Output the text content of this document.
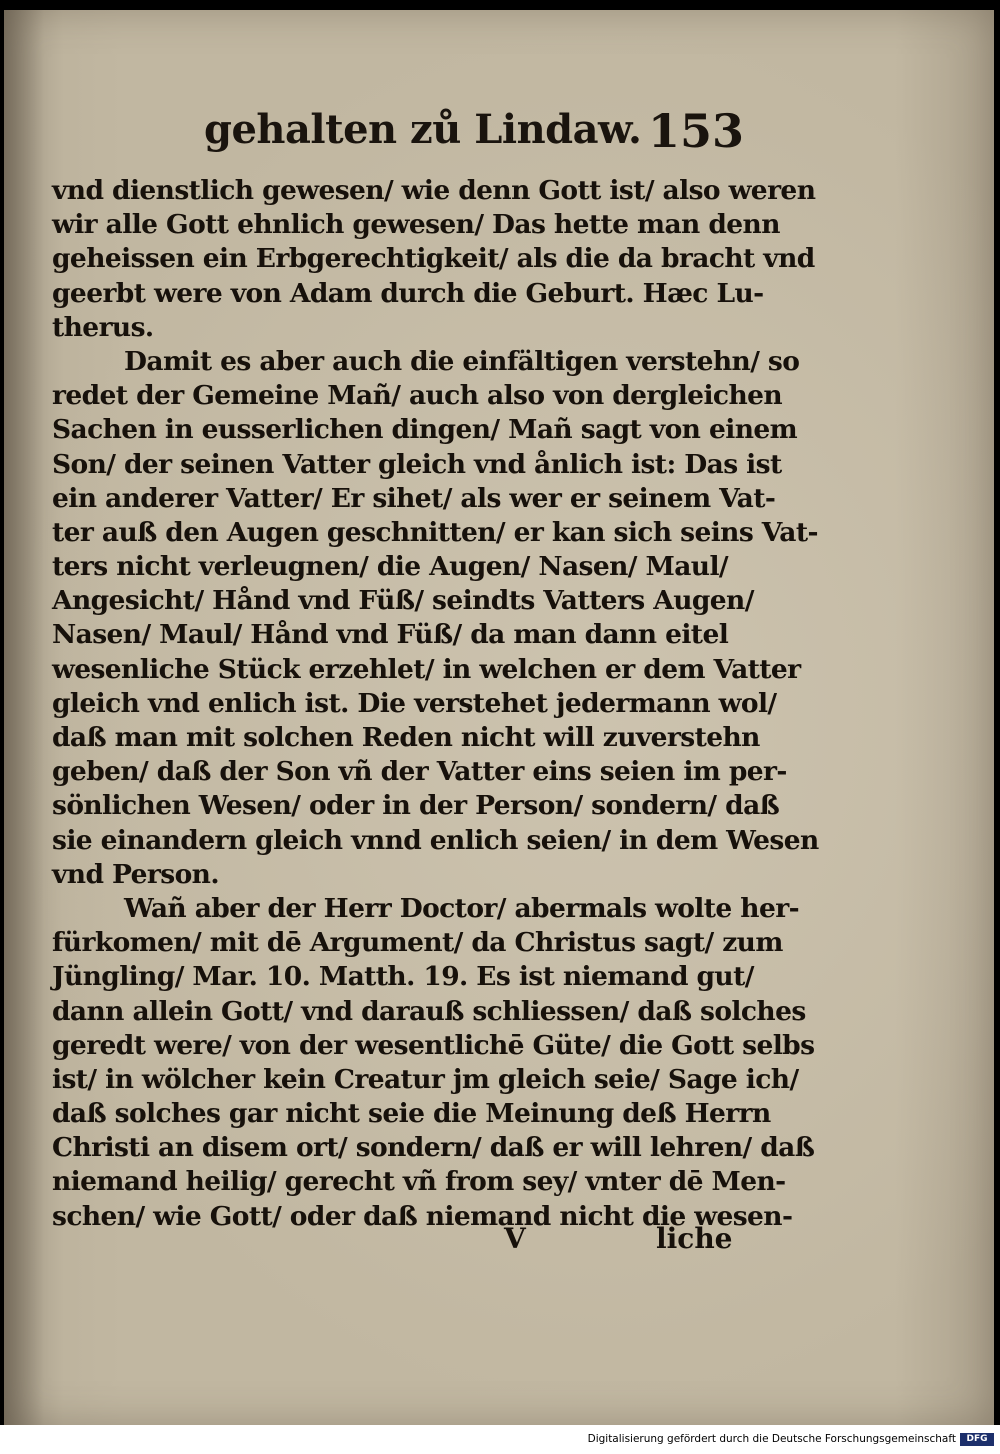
gehalten zů Lindaw. 153
vnd dienstlich gewesen/ wie denn Gott ist/ also weren
wir alle Gott ehnlich gewesen/ Das hette man denn
geheissen ein Erbgerechtigkeit/ als die da bracht vnd
geerbt were von Adam durch die Geburt. Hæc Lu-
therus.
Damit es aber auch die einfältigen verstehn/ so
redet der Gemeine Mañ/ auch also von dergleichen
Sachen in eusserlichen dingen/ Mañ sagt von einem
Son/ der seinen Vatter gleich vnd ånlich ist: Das ist
ein anderer Vatter/ Er sihet/ als wer er seinem Vat-
ter auß den Augen geschnitten/ er kan sich seins Vat-
ters nicht verleugnen/ die Augen/ Nasen/ Maul/
Angesicht/ Hånd vnd Füß/ seindts Vatters Augen/
Nasen/ Maul/ Hånd vnd Füß/ da man dann eitel
wesenliche Stück erzehlet/ in welchen er dem Vatter
gleich vnd enlich ist. Die verstehet jedermann wol/
daß man mit solchen Reden nicht will zuverstehn
geben/ daß der Son vñ der Vatter eins seien im per-
sönlichen Wesen/ oder in der Person/ sondern/ daß
sie einandern gleich vnnd enlich seien/ in dem Wesen
vnd Person.
Wañ aber der Herr Doctor/ abermals wolte her-
fürkomen/ mit dē Argument/ da Christus sagt/ zum
Jüngling/ Mar. 10. Matth. 19. Es ist niemand gut/
dann allein Gott/ vnd darauß schliessen/ daß solches
geredt were/ von der wesentlichē Güte/ die Gott selbs
ist/ in wölcher kein Creatur jm gleich seie/ Sage ich/
daß solches gar nicht seie die Meinung deß Herrn
Christi an disem ort/ sondern/ daß er will lehren/ daß
niemand heilig/ gerecht vñ from sey/ vnter dē Men-
schen/ wie Gott/ oder daß niemand nicht die wesen-
V	liche
Digitalisierung gefördert durch die Deutsche Forschungsgemeinschaft	DFG
